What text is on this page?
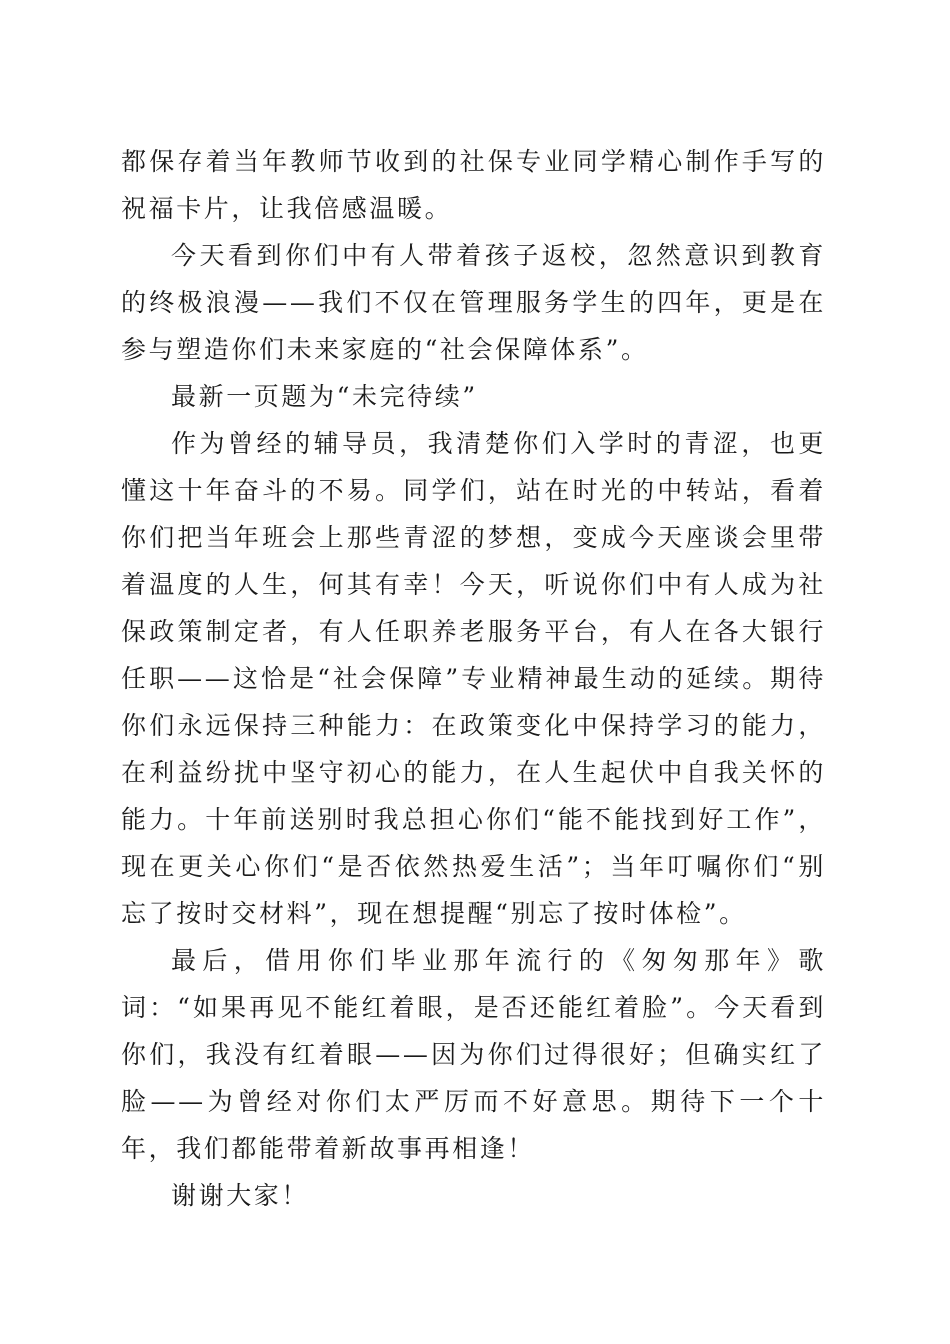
都保存着当年教师节收到的社保专业同学精心制作手写的祝福卡片，让我倍感温暖。

今天看到你们中有人带着孩子返校，忽然意识到教育的终极浪漫——我们不仅在管理服务学生的四年，更是在参与塑造你们未来家庭的“社会保障体系”。

最新一页题为“未完待续”

作为曾经的辅导员，我清楚你们入学时的青涩，也更懂这十年奋斗的不易。同学们，站在时光的中转站，看着你们把当年班会上那些青涩的梦想，变成今天座谈会里带着温度的人生，何其有幸！今天，听说你们中有人成为社保政策制定者，有人任职养老服务平台，有人在各大银行任职——这恰是“社会保障”专业精神最生动的延续。期待你们永远保持三种能力：在政策变化中保持学习的能力，在利益纷扰中坚守初心的能力，在人生起伏中自我关怀的能力。十年前送别时我总担心你们“能不能找到好工作”，现在更关心你们“是否依然热爱生活”；当年叮嘱你们“别忘了按时交材料”，现在想提醒“别忘了按时体检”。

最后，借用你们毕业那年流行的《匆匆那年》歌词：“如果再见不能红着眼，是否还能红着脸”。今天看到你们，我没有红着眼——因为你们过得很好；但确实红了脸——为曾经对你们太严厉而不好意思。期待下一个十年，我们都能带着新故事再相逢！

谢谢大家！
